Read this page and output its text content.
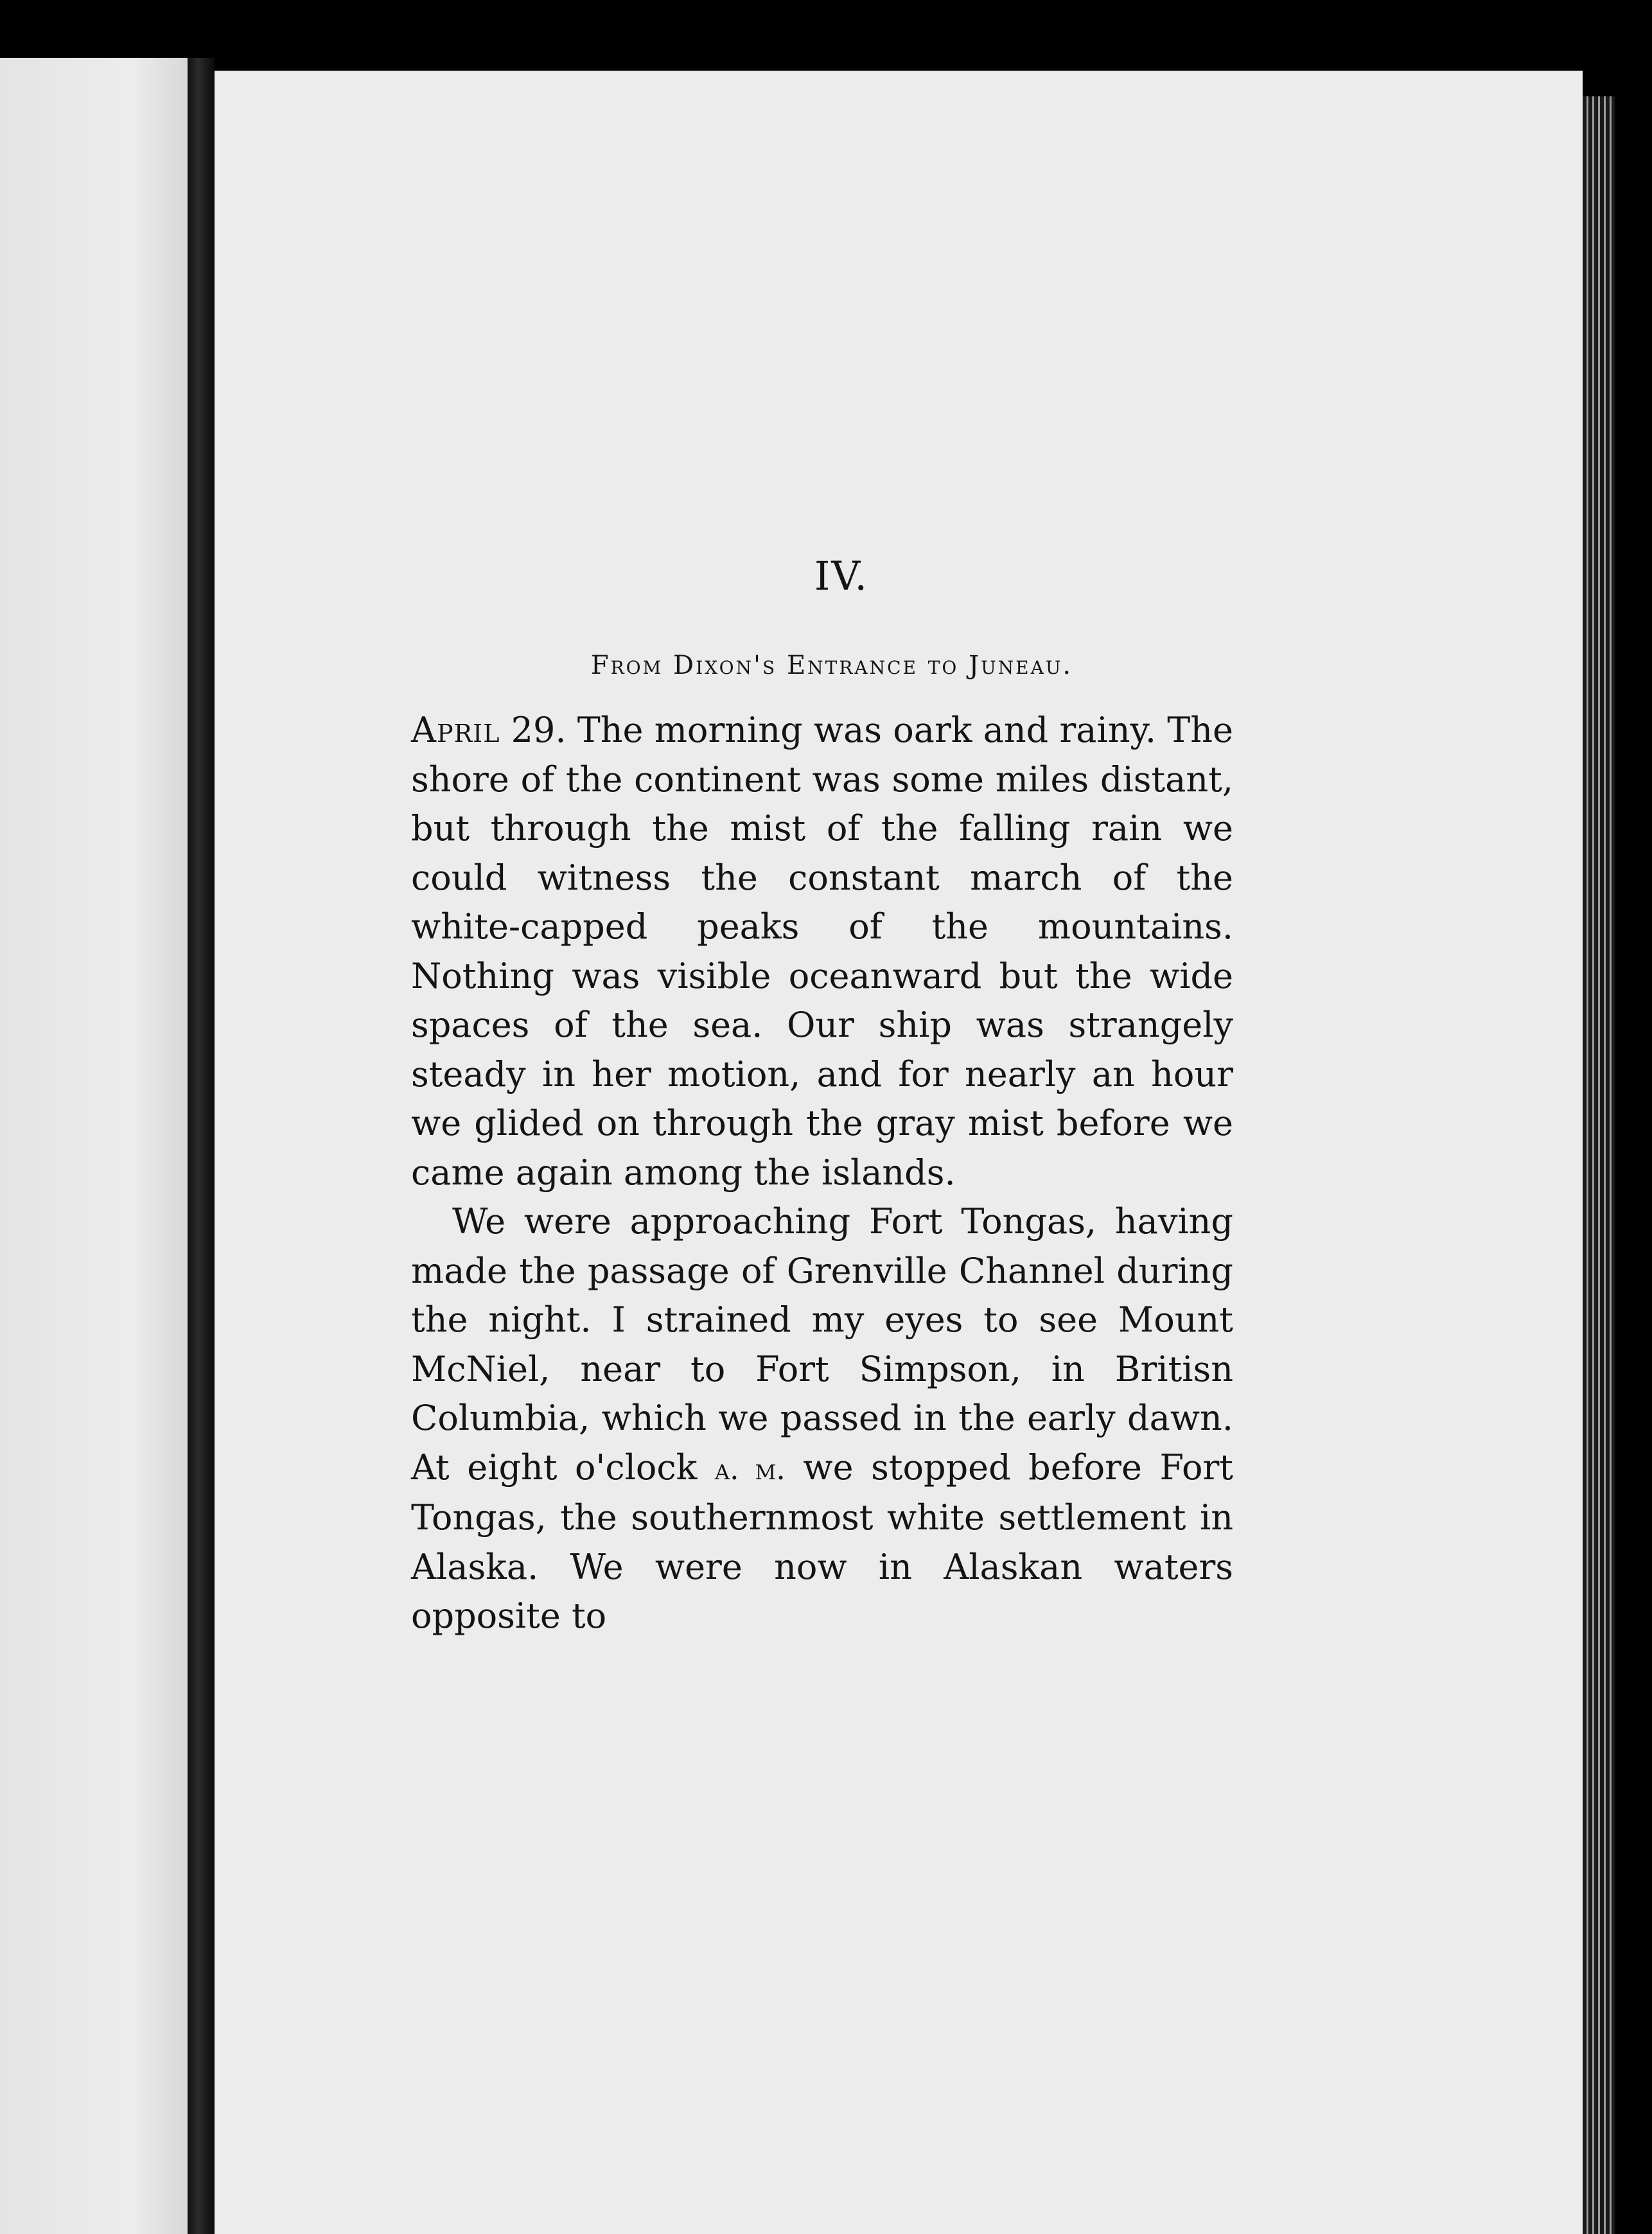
IV.
From Dixon's Entrance to Juneau.

April 29. The morning was oark and rainy. The shore of the continent was some miles distant, but through the mist of the falling rain we could witness the constant march of the white-capped peaks of the mountains. Nothing was visible oceanward but the wide spaces of the sea. Our ship was strangely steady in her motion, and for nearly an hour we glided on through the gray mist before we came again among the islands.

We were approaching Fort Tongas, having made the passage of Grenville Channel during the night. I strained my eyes to see Mount McNiel, near to Fort Simpson, in Britisn Columbia, which we passed in the early dawn. At eight o'clock a. m. we stopped before Fort Tongas, the southernmost white settlement in Alaska. We were now in Alaskan waters opposite to
